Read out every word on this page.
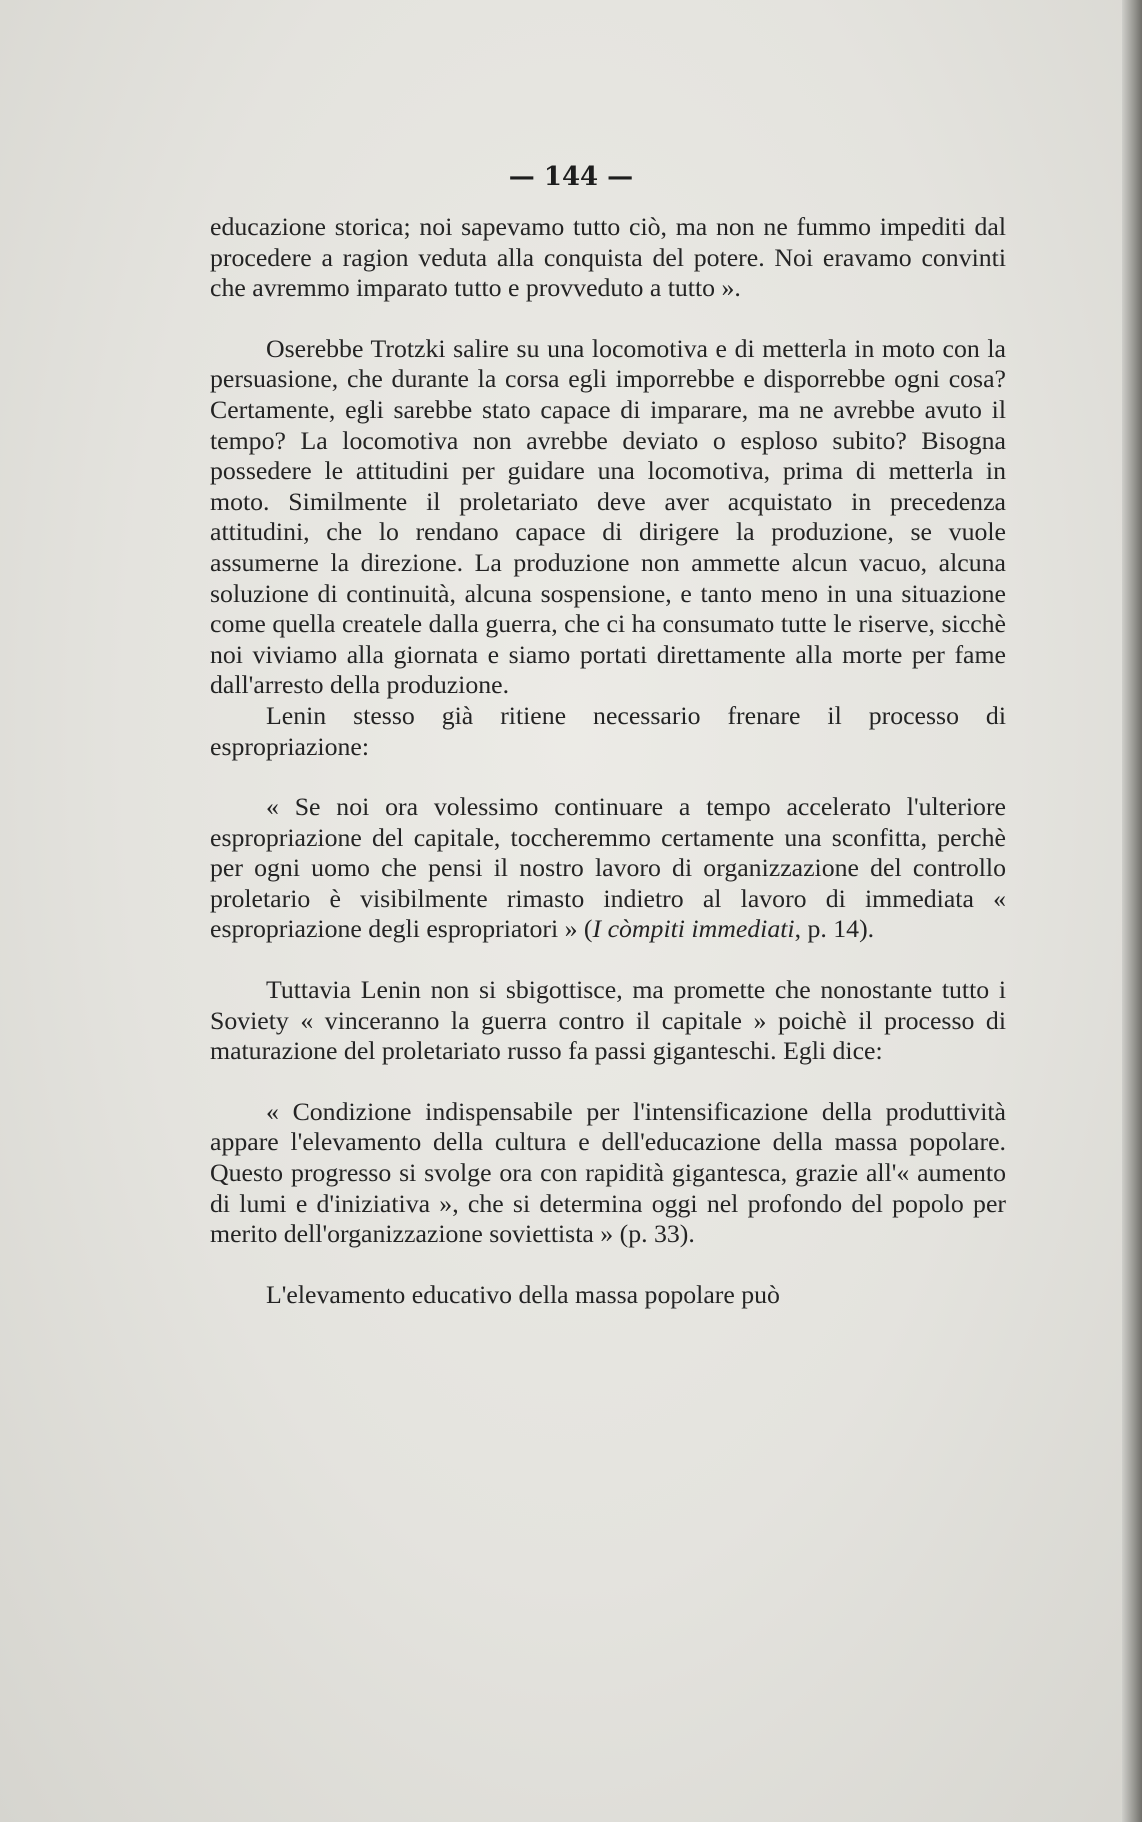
— 144 —

educazione storica; noi sapevamo tutto ciò, ma non ne fummo impediti dal procedere a ragion veduta alla conquista del potere. Noi eravamo convinti che avremmo imparato tutto e provveduto a tutto ».

Oserebbe Trotzki salire su una locomotiva e di metterla in moto con la persuasione, che durante la corsa egli imporrebbe e disporrebbe ogni cosa? Certamente, egli sarebbe stato capace di imparare, ma ne avrebbe avuto il tempo? La locomotiva non avrebbe deviato o esploso subito? Bisogna possedere le attitudini per guidare una locomotiva, prima di metterla in moto. Similmente il proletariato deve aver acquistato in precedenza attitudini, che lo rendano capace di dirigere la produzione, se vuole assumerne la direzione. La produzione non ammette alcun vacuo, alcuna soluzione di continuità, alcuna sospensione, e tanto meno in una situazione come quella createle dalla guerra, che ci ha consumato tutte le riserve, sicchè noi viviamo alla giornata e siamo portati direttamente alla morte per fame dall'arresto della produzione.

Lenin stesso già ritiene necessario frenare il processo di espropriazione:

« Se noi ora volessimo continuare a tempo accelerato l'ulteriore espropriazione del capitale, toccheremmo certamente una sconfitta, perchè per ogni uomo che pensi il nostro lavoro di organizzazione del controllo proletario è visibilmente rimasto indietro al lavoro di immediata « espropriazione degli espropriatori » (I còmpiti immediati, p. 14).

Tuttavia Lenin non si sbigottisce, ma promette che nonostante tutto i Soviety « vinceranno la guerra contro il capitale » poichè il processo di maturazione del proletariato russo fa passi giganteschi. Egli dice:

« Condizione indispensabile per l'intensificazione della produttività appare l'elevamento della cultura e dell'educazione della massa popolare. Questo progresso si svolge ora con rapidità gigantesca, grazie all'« aumento di lumi e d'iniziativa », che si determina oggi nel profondo del popolo per merito dell'organizzazione soviettista » (p. 33).

L'elevamento educativo della massa popolare può
